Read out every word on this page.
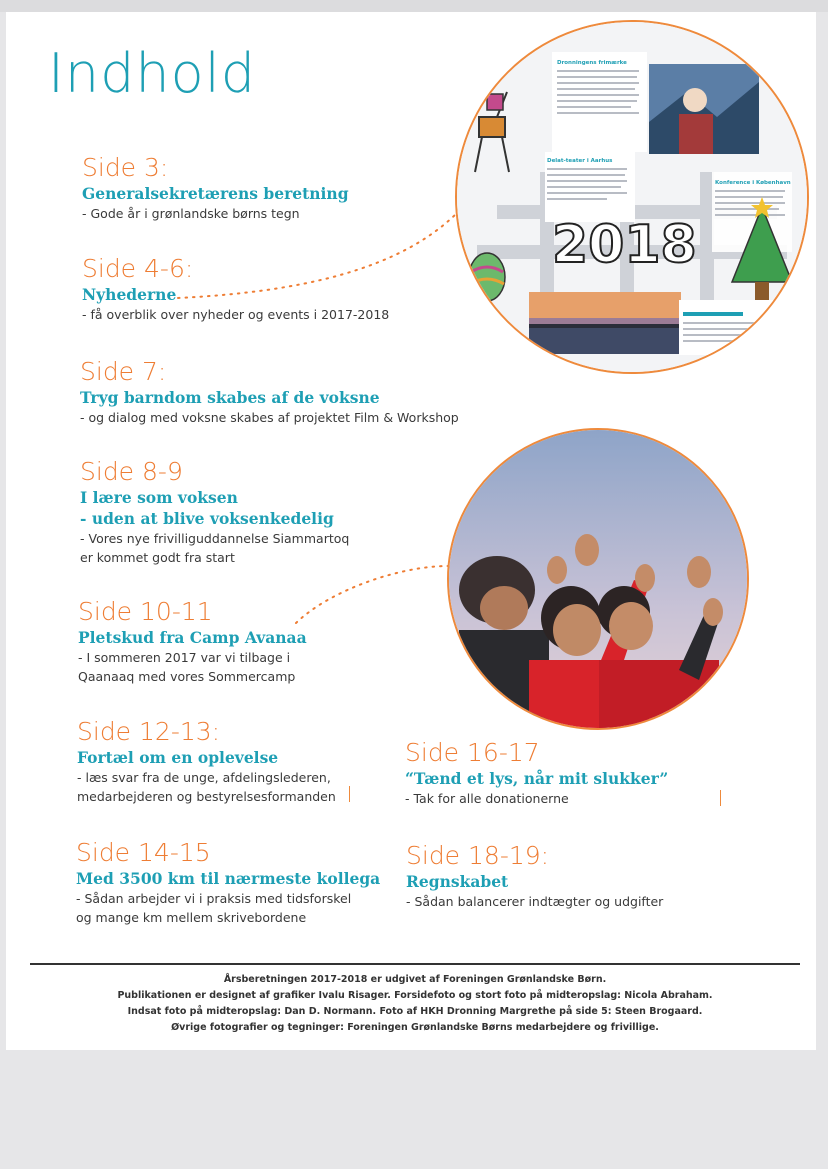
Indhold
Side 3:
Generalsekretærens beretning
- Gode år i grønlandske børns tegn
Side 4-6:
Nyhederne
- få overblik over nyheder og events i 2017-2018
Side 7:
Tryg barndom skabes af de voksne
- og dialog med voksne skabes af projektet Film & Workshop
Side 8-9
I lære som voksen
- uden at blive voksenkedelig
- Vores nye frivilliguddannelse Siammartoq
er kommet godt fra start
Side 10-11
Pletskud fra Camp Avanaa
- I sommeren 2017 var vi tilbage i
Qaanaaq med vores Sommercamp
Side 12-13:
Fortæl om en oplevelse
- læs svar fra de unge, afdelingslederen,
medarbejderen og bestyrelsesformanden
Side 14-15
Med 3500 km til nærmeste kollega
- Sådan arbejder vi i praksis med tidsforskel
og mange km mellem skrivebordene
Side 16-17
“Tænd et lys, når mit slukker”
- Tak for alle donationerne
Side 18-19:
Regnskabet
- Sådan balancerer indtægter og udgifter
Dronningens frimærke
Delat-teater i Aarhus
Konference i København
2018
Årsberetningen 2017-2018 er udgivet af Foreningen Grønlandske Børn.
Publikationen er designet af grafiker Ivalu Risager. Forsidefoto og stort foto på midteropslag: Nicola Abraham.
Indsat foto på midteropslag: Dan D. Normann. Foto af HKH Dronning Margrethe på side 5: Steen Brogaard.
Øvrige fotografier og tegninger: Foreningen Grønlandske Børns medarbejdere og frivillige.
